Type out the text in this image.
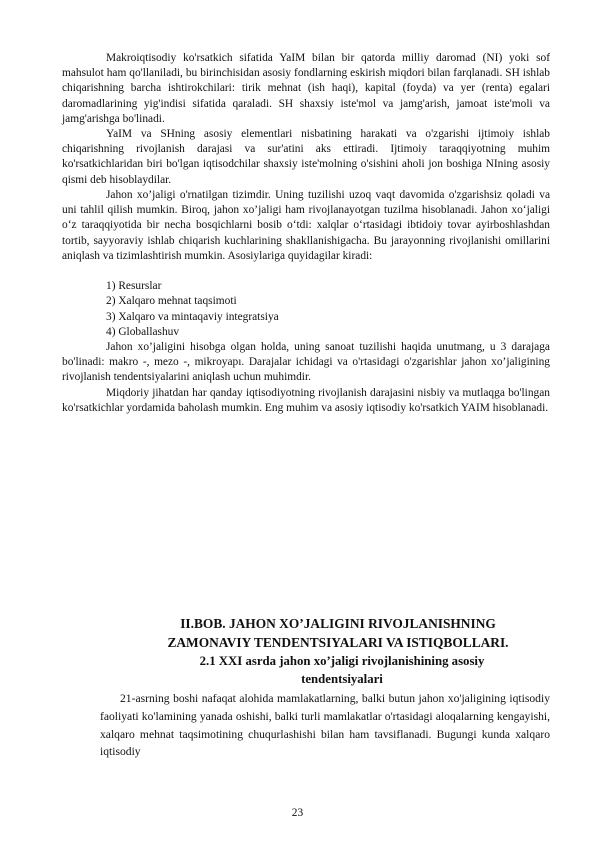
Makroiqtisodiy ko'rsatkich sifatida YaIM bilan bir qatorda milliy daromad (NI) yoki sof mahsulot ham qo'llaniladi, bu birinchisidan asosiy fondlarning eskirish miqdori bilan farqlanadi. SH ishlab chiqarishning barcha ishtirokchilari: tirik mehnat (ish haqi), kapital (foyda) va yer (renta) egalari daromadlarining yig'indisi sifatida qaraladi. SH shaxsiy iste'mol va jamg'arish, jamoat iste'moli va jamg'arishga bo'linadi.

YaIM va SHning asosiy elementlari nisbatining harakati va o'zgarishi ijtimoiy ishlab chiqarishning rivojlanish darajasi va sur'atini aks ettiradi. Ijtimoiy taraqqiyotning muhim ko'rsatkichlaridan biri bo'lgan iqtisodchilar shaxsiy iste'molning o'sishini aholi jon boshiga NIning asosiy qismi deb hisoblaydilar.

Jahon xo’jaligi o'rnatilgan tizimdir. Uning tuzilishi uzoq vaqt davomida o'zgarishsiz qoladi va uni tahlil qilish mumkin. Biroq, jahon xo’jaligi ham rivojlanayotgan tuzilma hisoblanadi. Jahon xo‘jaligi o‘z taraqqiyotida bir necha bosqichlarni bosib o‘tdi: xalqlar o‘rtasidagi ibtidoiy tovar ayirboshlashdan tortib, sayyoraviy ishlab chiqarish kuchlarining shakllanishigacha. Bu jarayonning rivojlanishi omillarini aniqlash va tizimlashtirish mumkin. Asosiylariga quyidagilar kiradi:

1) Resurslar

2) Xalqaro mehnat taqsimoti

3) Xalqaro va mintaqaviy integratsiya

4) Globallashuv

Jahon xo’jaligini hisobga olgan holda, uning sanoat tuzilishi haqida unutmang, u 3 darajaga bo'linadi: makro -, mezo -, mikroyapı. Darajalar ichidagi va o'rtasidagi o'zgarishlar jahon xo’jaligining rivojlanish tendentsiyalarini aniqlash uchun muhimdir.

Miqdoriy jihatdan har qanday iqtisodiyotning rivojlanish darajasini nisbiy va mutlaqga bo'lingan ko'rsatkichlar yordamida baholash mumkin. Eng muhim va asosiy iqtisodiy ko'rsatkich YAIM hisoblanadi.

II.BOB. JAHON XO’JALIGINI RIVOJLANISHNING

ZAMONAVIY TENDENTSIYALARI VA ISTIQBOLLARI.

2.1 XXI asrda jahon xo’jaligi rivojlanishining asosiy

tendentsiyalari

21-asrning boshi nafaqat alohida mamlakatlarning, balki butun jahon xo'jaligining iqtisodiy faoliyati ko'lamining yanada oshishi, balki turli mamlakatlar o'rtasidagi aloqalarning kengayishi, xalqaro mehnat taqsimotining chuqurlashishi bilan ham tavsiflanadi. Bugungi kunda xalqaro iqtisodiy

23
